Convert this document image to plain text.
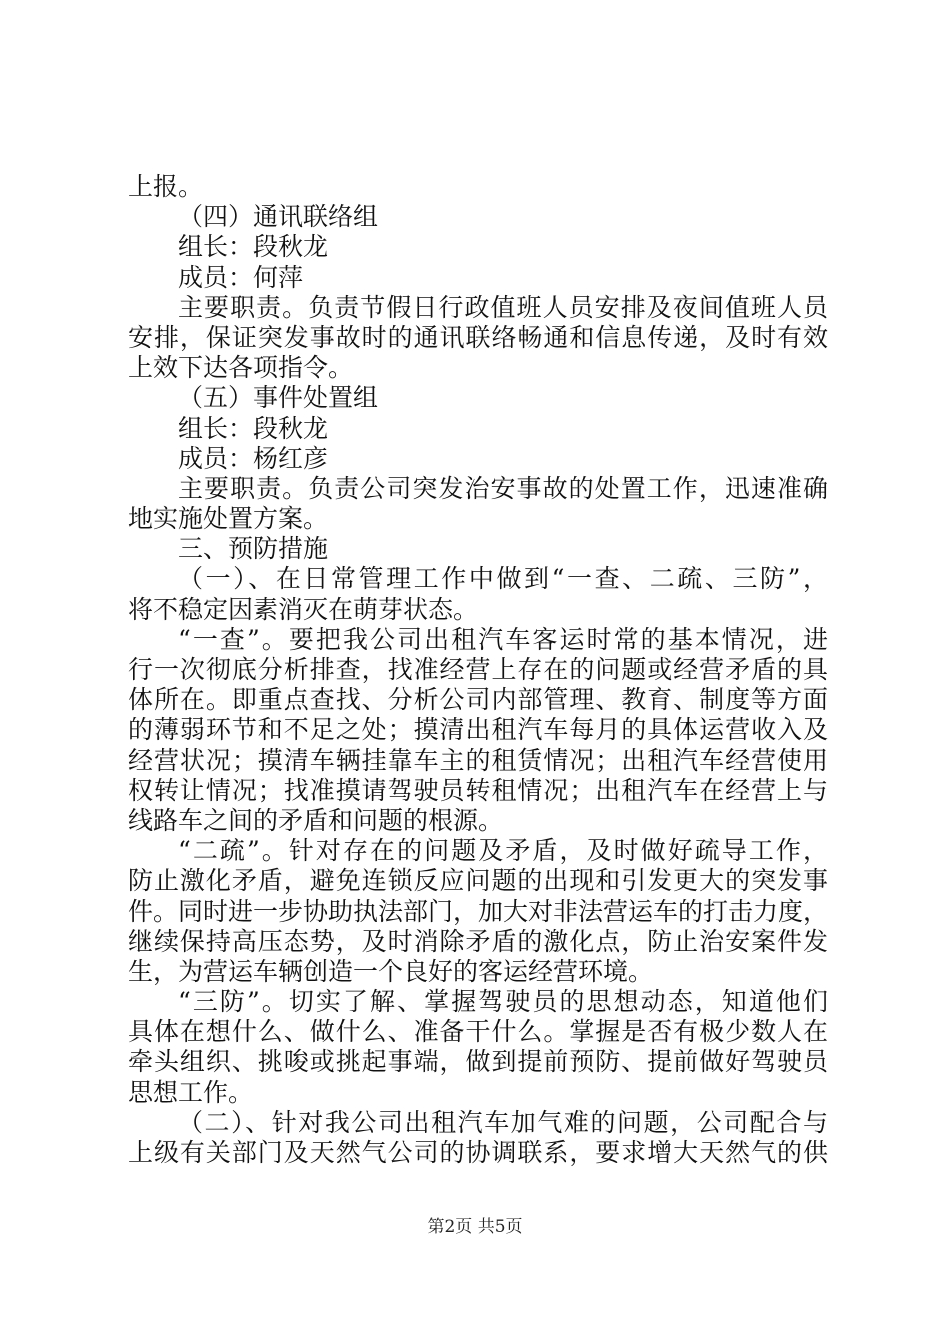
上报。
（四）通讯联络组
组长：段秋龙
成员：何萍
主要职责。负责节假日行政值班人员安排及夜间值班人员
安排，保证突发事故时的通讯联络畅通和信息传递，及时有效
上效下达各项指令。
（五）事件处置组
组长：段秋龙
成员：杨红彦
主要职责。负责公司突发治安事故的处置工作，迅速准确
地实施处置方案。
三、预防措施
（一）、在日常管理工作中做到“一查、二疏、三防”，
将不稳定因素消灭在萌芽状态。
“一查”。要把我公司出租汽车客运时常的基本情况，进
行一次彻底分析排查，找准经营上存在的问题或经营矛盾的具
体所在。即重点查找、分析公司内部管理、教育、制度等方面
的薄弱环节和不足之处；摸清出租汽车每月的具体运营收入及
经营状况；摸清车辆挂靠车主的租赁情况；出租汽车经营使用
权转让情况；找准摸请驾驶员转租情况；出租汽车在经营上与
线路车之间的矛盾和问题的根源。
“二疏”。针对存在的问题及矛盾，及时做好疏导工作，
防止激化矛盾，避免连锁反应问题的出现和引发更大的突发事
件。同时进一步协助执法部门，加大对非法营运车的打击力度，
继续保持高压态势，及时消除矛盾的激化点，防止治安案件发
生，为营运车辆创造一个良好的客运经营环境。
“三防”。切实了解、掌握驾驶员的思想动态，知道他们
具体在想什么、做什么、准备干什么。掌握是否有极少数人在
牵头组织、挑唆或挑起事端，做到提前预防、提前做好驾驶员
思想工作。
（二）、针对我公司出租汽车加气难的问题，公司配合与
上级有关部门及天然气公司的协调联系，要求增大天然气的供
第2页 共5页
